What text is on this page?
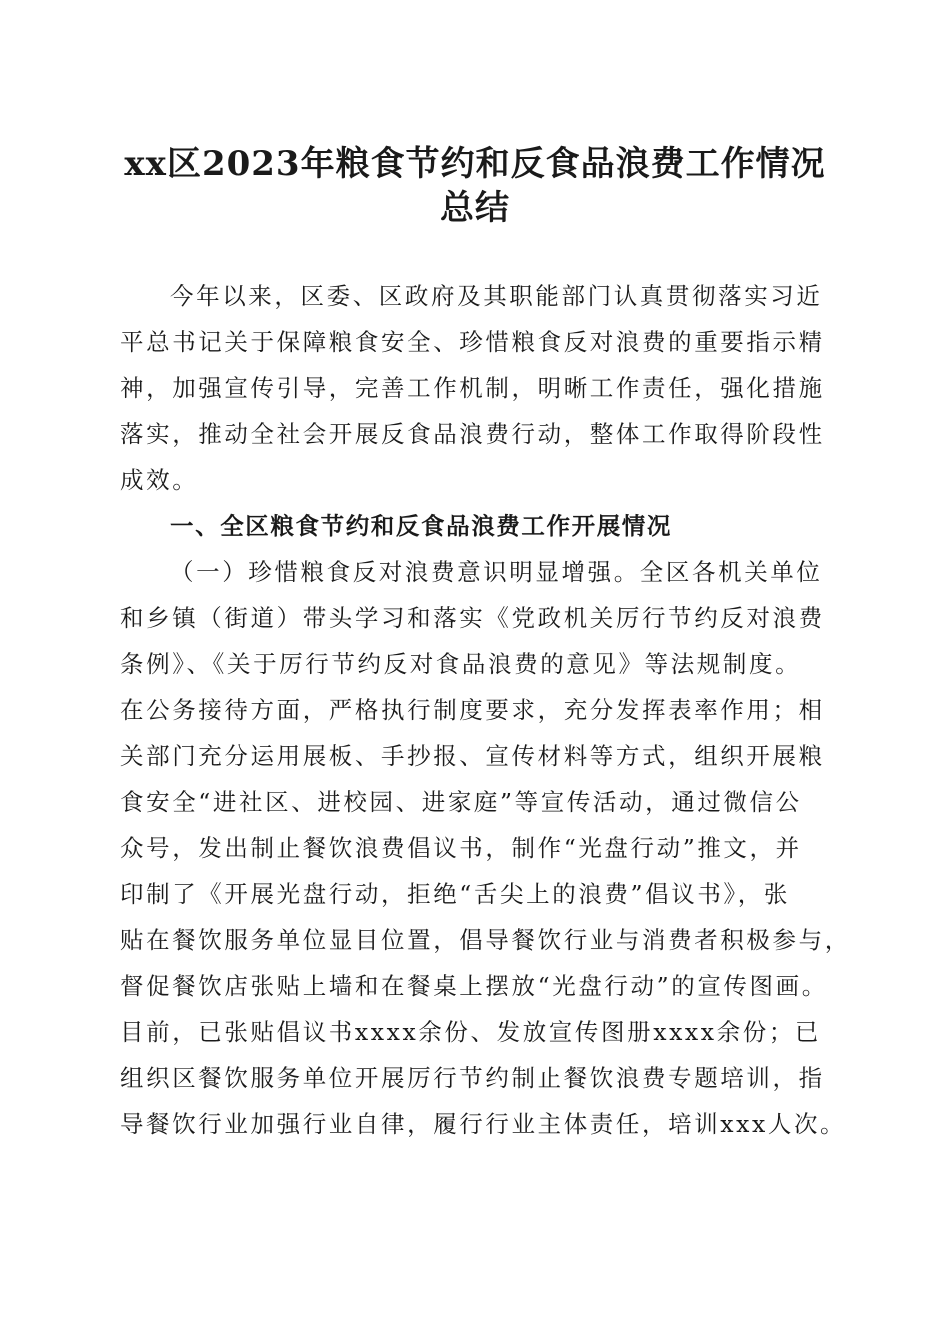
xx区2023年粮食节约和反食品浪费工作情况
总结

今年以来，区委、区政府及其职能部门认真贯彻落实习近

平总书记关于保障粮食安全、珍惜粮食反对浪费的重要指示精

神，加强宣传引导，完善工作机制，明晰工作责任，强化措施

落实，推动全社会开展反食品浪费行动，整体工作取得阶段性

成效。

一、全区粮食节约和反食品浪费工作开展情况

（一）珍惜粮食反对浪费意识明显增强。全区各机关单位

和乡镇（街道）带头学习和落实《党政机关厉行节约反对浪费

条例》、《关于厉行节约反对食品浪费的意见》等法规制度。

在公务接待方面，严格执行制度要求，充分发挥表率作用；相

关部门充分运用展板、手抄报、宣传材料等方式，组织开展粮

食安全“进社区、进校园、进家庭”等宣传活动，通过微信公

众号，发出制止餐饮浪费倡议书，制作“光盘行动”推文，并

印制了《开展光盘行动，拒绝“舌尖上的浪费”倡议书》，张

贴在餐饮服务单位显目位置，倡导餐饮行业与消费者积极参与，

督促餐饮店张贴上墙和在餐桌上摆放“光盘行动”的宣传图画。

目前，已张贴倡议书xxxx余份、发放宣传图册xxxx余份；已

组织区餐饮服务单位开展厉行节约制止餐饮浪费专题培训，指

导餐饮行业加强行业自律，履行行业主体责任，培训xxx人次。
